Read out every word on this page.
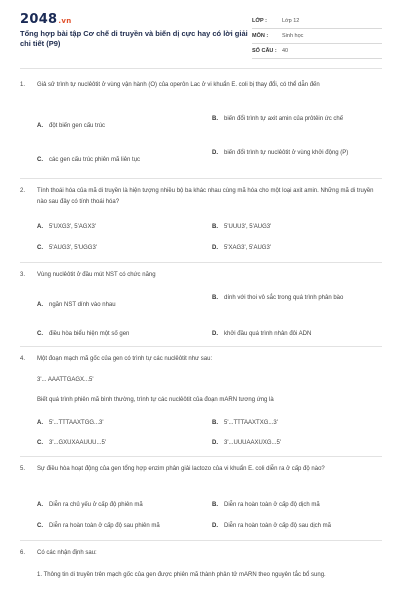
2048.vn
Tổng hợp bài tập Cơ chế di truyền và biến dị cực hay có lời giải chi tiết (P9)
LỚP :	Lớp 12
MÔN :	Sinh học
SỐ CÂU : 40
1.	Giả sử trình tự nuclêôtit ở vùng vận hành (O) của operôn Lac ở vi khuẩn E. coli bị thay đổi, có thể dẫn đến
A.	đột biến gen cấu trúc
B.	biến đổi trình tự axit amin của prôtêin ức chế
C.	các gen cấu trúc phiên mã liên tục
D.	biến đổi trình tự nuclêôtit ở vùng khởi động (P)
2.	Tính thoái hóa của mã di truyền là hiện tượng nhiều bộ ba khác nhau cùng mã hóa cho một loại axit amin. Những mã di truyền nào sau đây có tính thoái hóa?
A.	5'UXG3', 5'AGX3'	B.	5'UUU3', 5'AUG3'
C.	5'AUG3', 5'UGG3'	D.	5'XAG3', 5'AUG3'
3.	Vùng nuclêôtit ở đầu mút NST có chức năng
A.	ngăn NST dính vào nhau
B.	dính với thoi vô sắc trong quá trình phân bào
C.	điều hòa biểu hiện một số gen	D.	khởi đầu quá trình nhân đôi ADN
4.	Một đoạn mạch mã gốc của gen có trình tự các nuclêôtit như sau:
3'... AAATTGAGX...5'
Biết quá trình phiên mã bình thường, trình tự các nuclêôtit của đoạn mARN tương ứng là
A.	5'...TTTAAXTGG...3'	B.	5'...TTTAAXTXG...3'
C.	3'...GXUXAAUUU...5'	D.	3'...UUUAAXUXG...5'
5.	Sự điều hòa hoạt động của gen tổng hợp enzim phân giải lactozo của vi khuẩn E. coli diễn ra ở cấp độ nào?
A.	Diễn ra chủ yếu ở cấp độ phiên mã	B.	Diễn ra hoàn toàn ở cấp độ dịch mã
C.	Diễn ra hoàn toàn ở cấp độ sau phiên mã	D.	Diễn ra hoàn toàn ở cấp độ sau dịch mã
6.	Có các nhận định sau:
1. Thông tin di truyền trên mạch gốc của gen được phiên mã thành phân tử mARN theo nguyên tắc bổ sung.
